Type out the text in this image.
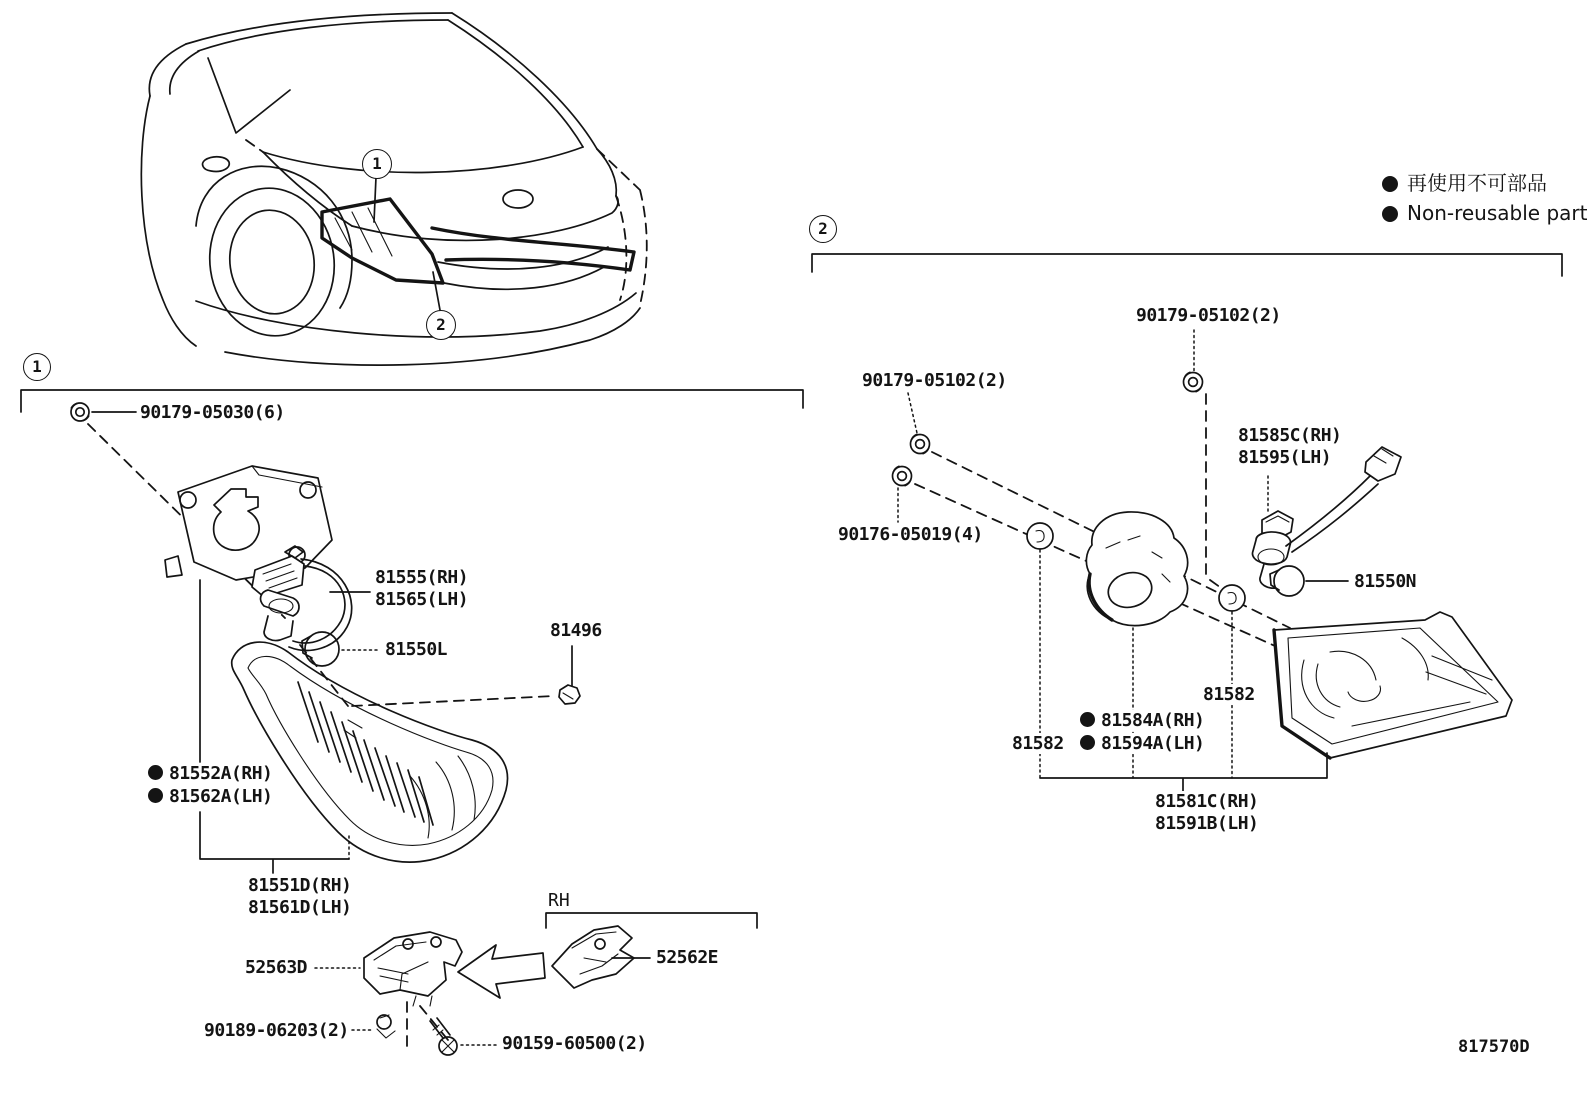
1
2
1
2
90179-05030(6)
81555(RH)
81565(LH)
81550L
81496
81552A(RH)
81562A(LH)
81551D(RH)
81561D(LH)
52563D
RH
52562E
90189-06203(2)
90159-60500(2)
90179-05102(2)
90179-05102(2)
90176-05019(4)
81585C(RH)
81595(LH)
81550N
81582
81582
81584A(RH)
81594A(LH)
81581C(RH)
81591B(LH)
再使用不可部品
Non-reusable part
817570D
